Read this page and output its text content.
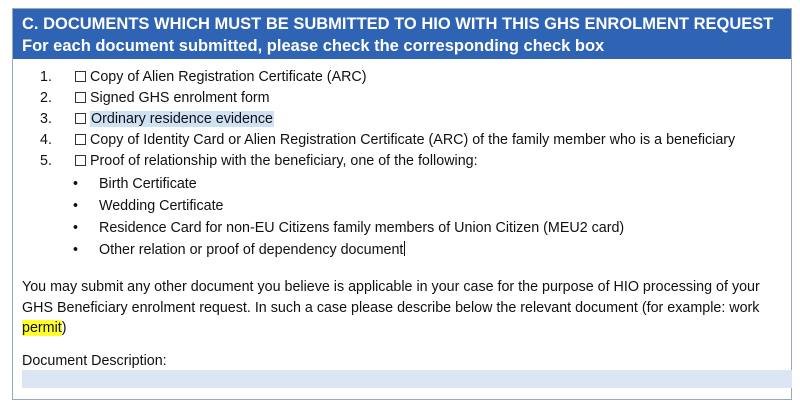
C. DOCUMENTS WHICH MUST BE SUBMITTED TO HIO WITH THIS GHS ENROLMENT REQUEST
For each document submitted, please check the corresponding check box
1.	Copy of Alien Registration Certificate (ARC)
2.	Signed GHS enrolment form
3.	Ordinary residence evidence
4.	Copy of Identity Card or Alien Registration Certificate (ARC) of the family member who is a beneficiary
5.	Proof of relationship with the beneficiary, one of the following:
• Birth Certificate
• Wedding Certificate
• Residence Card for non-EU Citizens family members of Union Citizen (MEU2 card)
• Other relation or proof of dependency document
You may submit any other document you believe is applicable in your case for the purpose of HIO processing of your GHS Beneficiary enrolment request. In such a case please describe below the relevant document (for example: work permit)
Document Description:
